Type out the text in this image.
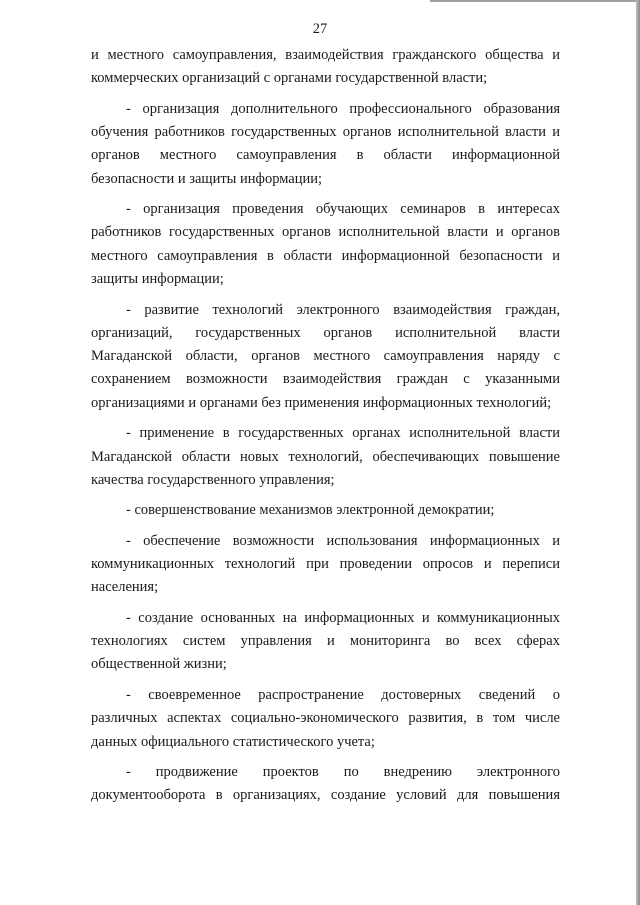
27

и местного самоуправления, взаимодействия гражданского общества и коммерческих организаций с органами государственной власти;

- организация дополнительного профессионального образования обучения работников государственных органов исполнительной власти и органов местного самоуправления в области информационной безопасности и защиты информации;

- организация проведения обучающих семинаров в интересах работников государственных органов исполнительной власти и органов местного самоуправления в области информационной безопасности и защиты информации;

- развитие технологий электронного взаимодействия граждан, организаций, государственных органов исполнительной власти Магаданской области, органов местного самоуправления наряду с сохранением возможности взаимодействия граждан с указанными организациями и органами без применения информационных технологий;

- применение в государственных органах исполнительной власти Магаданской области новых технологий, обеспечивающих повышение качества государственного управления;

- совершенствование механизмов электронной демократии;

- обеспечение возможности использования информационных и коммуникационных технологий при проведении опросов и переписи населения;

- создание основанных на информационных и коммуникационных технологиях систем управления и мониторинга во всех сферах общественной жизни;

- своевременное распространение достоверных сведений о различных аспектах социально-экономического развития, в том числе данных официального статистического учета;

- продвижение проектов по внедрению электронного документооборота в организациях, создание условий для повышения
